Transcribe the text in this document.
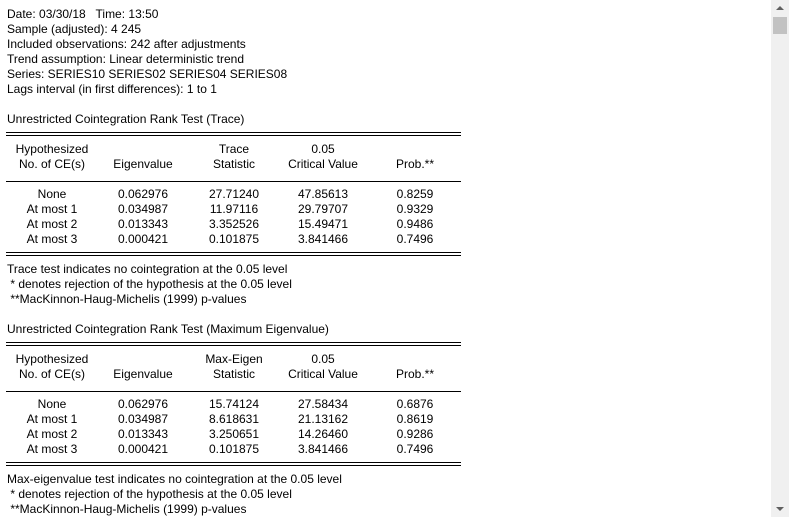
Date: 03/30/18   Time: 13:50
Sample (adjusted): 4 245
Included observations: 242 after adjustments
Trend assumption: Linear deterministic trend
Series: SERIES10 SERIES02 SERIES04 SERIES08
Lags interval (in first differences): 1 to 1
Unrestricted Cointegration Rank Test (Trace)
Hypothesized
No. of CE(s)	Eigenvalue
Trace
Statistic
0.05
Critical Value	Prob.**
None	0.062976	27.71240	47.85613	0.8259
At most 1	0.034987	11.97116	29.79707	0.9329
At most 2	0.013343	3.352526	15.49471	0.9486
At most 3	0.000421	0.101875	3.841466	0.7496
Trace test indicates no cointegration at the 0.05 level
* denotes rejection of the hypothesis at the 0.05 level
**MacKinnon-Haug-Michelis (1999) p-values
Unrestricted Cointegration Rank Test (Maximum Eigenvalue)
Hypothesized
No. of CE(s)	Eigenvalue
Max-Eigen
Statistic
0.05
Critical Value	Prob.**
None	0.062976	15.74124	27.58434	0.6876
At most 1	0.034987	8.618631	21.13162	0.8619
At most 2	0.013343	3.250651	14.26460	0.9286
At most 3	0.000421	0.101875	3.841466	0.7496
Max-eigenvalue test indicates no cointegration at the 0.05 level
* denotes rejection of the hypothesis at the 0.05 level
**MacKinnon-Haug-Michelis (1999) p-values
